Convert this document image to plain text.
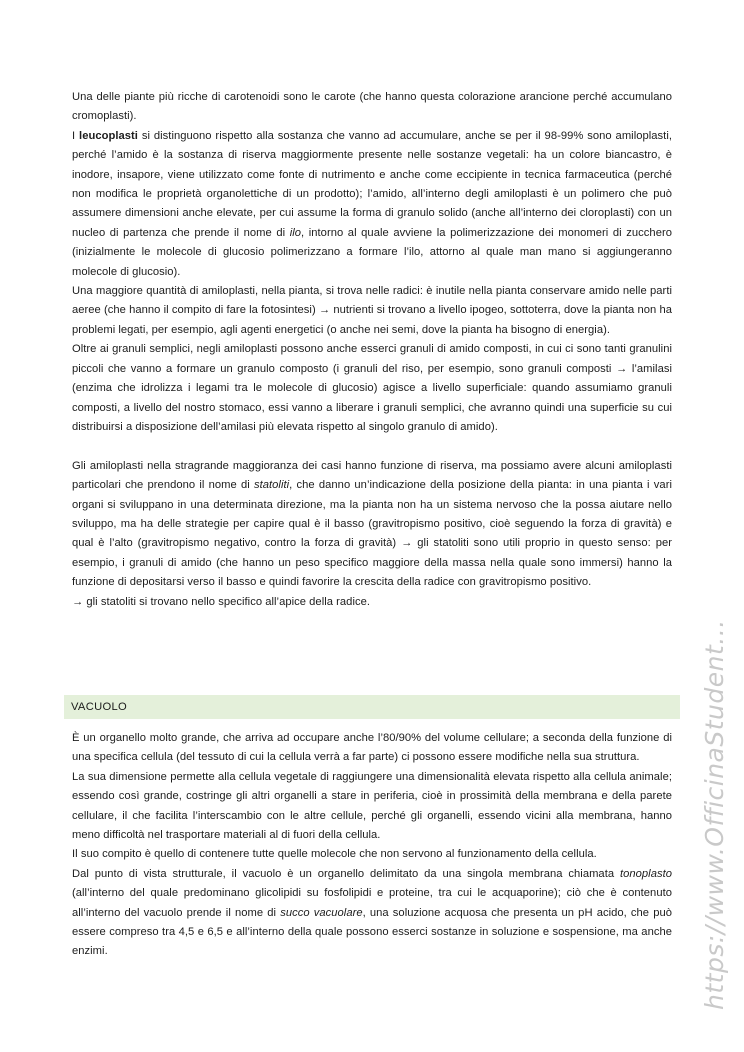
Una delle piante più ricche di carotenoidi sono le carote (che hanno questa colorazione arancione perché accumulano cromoplasti).

I leucoplasti si distinguono rispetto alla sostanza che vanno ad accumulare, anche se per il 98-99% sono amiloplasti, perché l’amido è la sostanza di riserva maggiormente presente nelle sostanze vegetali: ha un colore biancastro, è inodore, insapore, viene utilizzato come fonte di nutrimento e anche come eccipiente in tecnica farmaceutica (perché non modifica le proprietà organolettiche di un prodotto); l’amido, all’interno degli amiloplasti è un polimero che può assumere dimensioni anche elevate, per cui assume la forma di granulo solido (anche all’interno dei cloroplasti) con un nucleo di partenza che prende il nome di ilo, intorno al quale avviene la polimerizzazione dei monomeri di zucchero (inizialmente le molecole di glucosio polimerizzano a formare l’ilo, attorno al quale man mano si aggiungeranno molecole di glucosio).

Una maggiore quantità di amiloplasti, nella pianta, si trova nelle radici: è inutile nella pianta conservare amido nelle parti aeree (che hanno il compito di fare la fotosintesi) → nutrienti si trovano a livello ipogeo, sottoterra, dove la pianta non ha problemi legati, per esempio, agli agenti energetici (o anche nei semi, dove la pianta ha bisogno di energia).

Oltre ai granuli semplici, negli amiloplasti possono anche esserci granuli di amido composti, in cui ci sono tanti granulini piccoli che vanno a formare un granulo composto (i granuli del riso, per esempio, sono granuli composti → l’amilasi (enzima che idrolizza i legami tra le molecole di glucosio) agisce a livello superficiale: quando assumiamo granuli composti, a livello del nostro stomaco, essi vanno a liberare i granuli semplici, che avranno quindi una superficie su cui distribuirsi a disposizione dell’amilasi più elevata rispetto al singolo granulo di amido).

Gli amiloplasti nella stragrande maggioranza dei casi hanno funzione di riserva, ma possiamo avere alcuni amiloplasti particolari che prendono il nome di statoliti, che danno un’indicazione della posizione della pianta: in una pianta i vari organi si sviluppano in una determinata direzione, ma la pianta non ha un sistema nervoso che la possa aiutare nello sviluppo, ma ha delle strategie per capire qual è il basso (gravitropismo positivo, cioè seguendo la forza di gravità) e qual è l’alto (gravitropismo negativo, contro la forza di gravità) → gli statoliti sono utili proprio in questo senso: per esempio, i granuli di amido (che hanno un peso specifico maggiore della massa nella quale sono immersi) hanno la funzione di depositarsi verso il basso e quindi favorire la crescita della radice con gravitropismo positivo.

→ gli statoliti si trovano nello specifico all’apice della radice.

VACUOLO

È un organello molto grande, che arriva ad occupare anche l’80/90% del volume cellulare; a seconda della funzione di una specifica cellula (del tessuto di cui la cellula verrà a far parte) ci possono essere modifiche nella sua struttura.

La sua dimensione permette alla cellula vegetale di raggiungere una dimensionalità elevata rispetto alla cellula animale; essendo così grande, costringe gli altri organelli a stare in periferia, cioè in prossimità della membrana e della parete cellulare, il che facilita l’interscambio con le altre cellule, perché gli organelli, essendo vicini alla membrana, hanno meno difficoltà nel trasportare materiali al di fuori della cellula.

Il suo compito è quello di contenere tutte quelle molecole che non servono al funzionamento della cellula.

Dal punto di vista strutturale, il vacuolo è un organello delimitato da una singola membrana chiamata tonoplasto (all’interno del quale predominano glicolipidi su fosfolipidi e proteine, tra cui le acquaporine); ciò che è contenuto all’interno del vacuolo prende il nome di succo vacuolare, una soluzione acquosa che presenta un pH acido, che può essere compreso tra 4,5 e 6,5 e all’interno della quale possono esserci sostanze in soluzione e sospensione, ma anche enzimi.	https://www.OfficinaStudent...
